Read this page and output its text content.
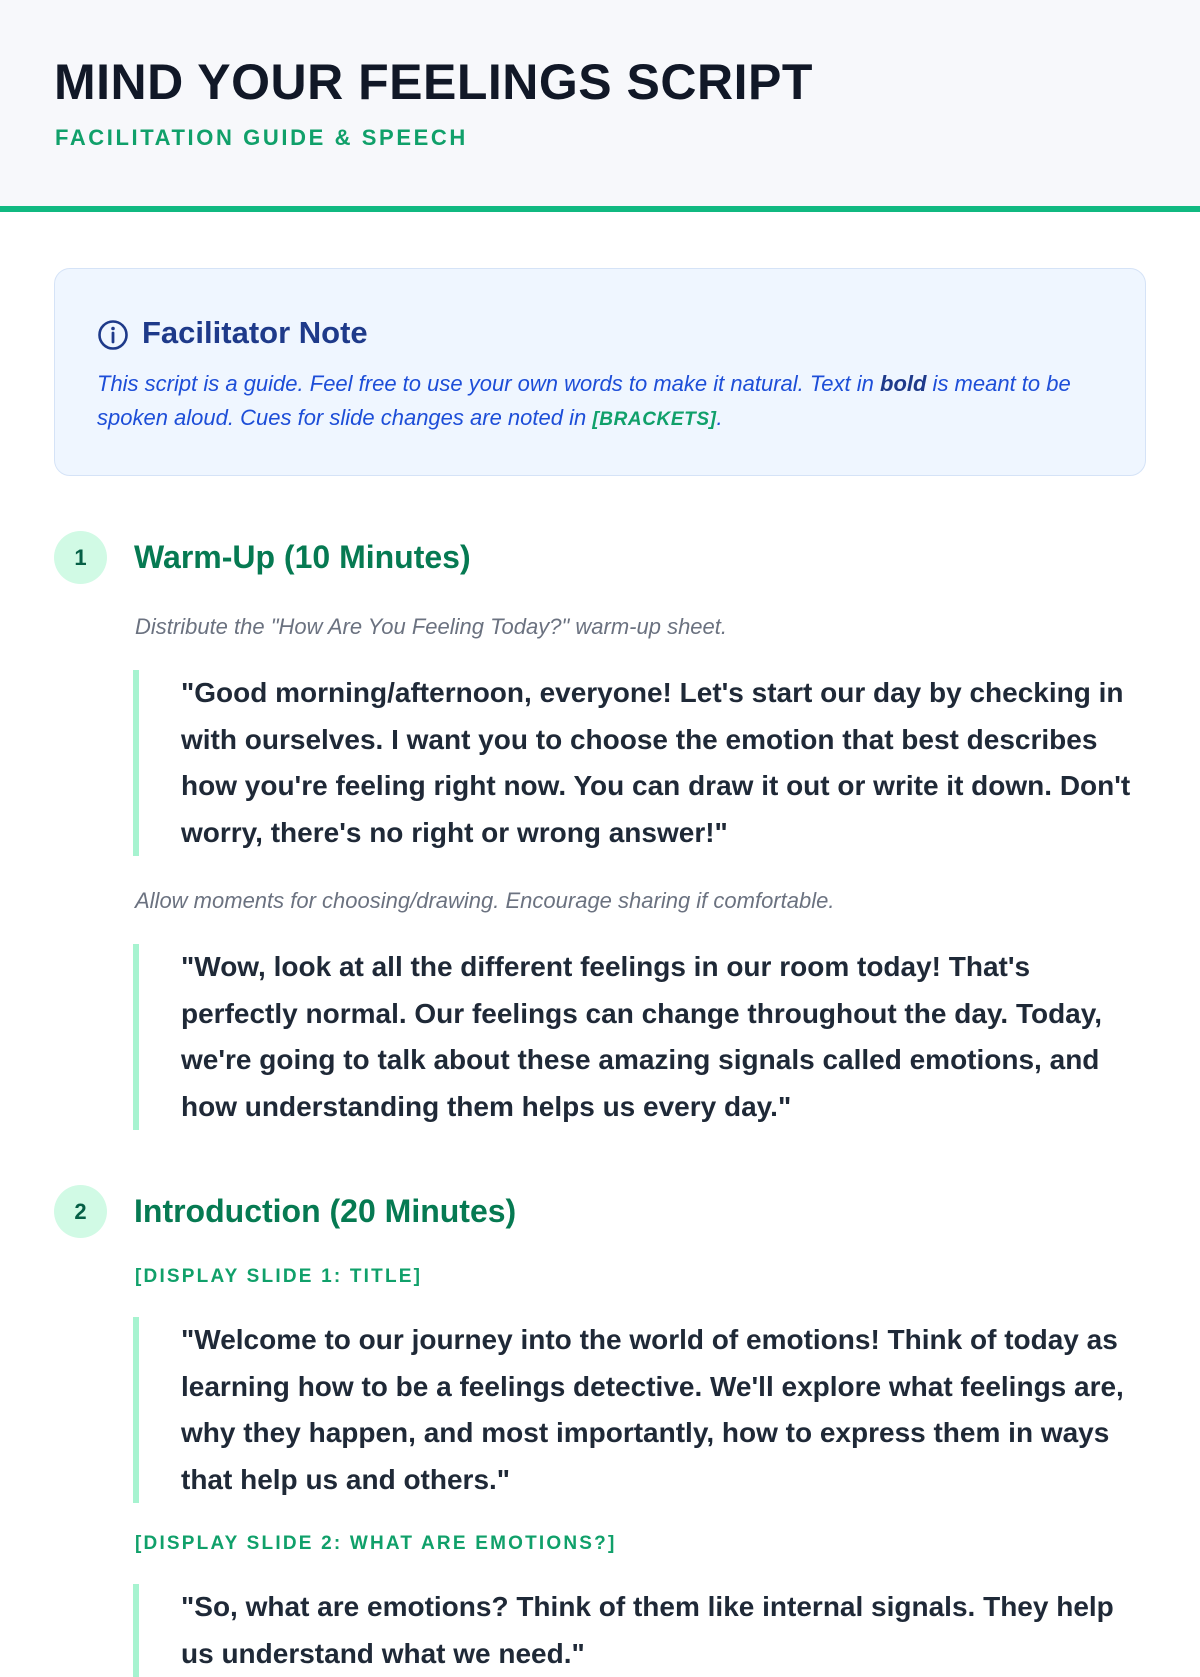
MIND YOUR FEELINGS SCRIPT

FACILITATION GUIDE & SPEECH

Facilitator Note

This script is a guide. Feel free to use your own words to make it natural. Text in bold is meant to be spoken aloud. Cues for slide changes are noted in [BRACKETS].

1	Warm-Up (10 Minutes)

Distribute the "How Are You Feeling Today?" warm-up sheet.

"Good morning/afternoon, everyone! Let's start our day by checking in with ourselves. I want you to choose the emotion that best describes how you're feeling right now. You can draw it out or write it down. Don't worry, there's no right or wrong answer!"

Allow moments for choosing/drawing. Encourage sharing if comfortable.

"Wow, look at all the different feelings in our room today! That's perfectly normal. Our feelings can change throughout the day. Today, we're going to talk about these amazing signals called emotions, and how understanding them helps us every day."

2	Introduction (20 Minutes)

[DISPLAY SLIDE 1: TITLE]

"Welcome to our journey into the world of emotions! Think of today as learning how to be a feelings detective. We'll explore what feelings are, why they happen, and most importantly, how to express them in ways that help us and others."

[DISPLAY SLIDE 2: WHAT ARE EMOTIONS?]

"So, what are emotions? Think of them like internal signals. They help us understand what we need."
